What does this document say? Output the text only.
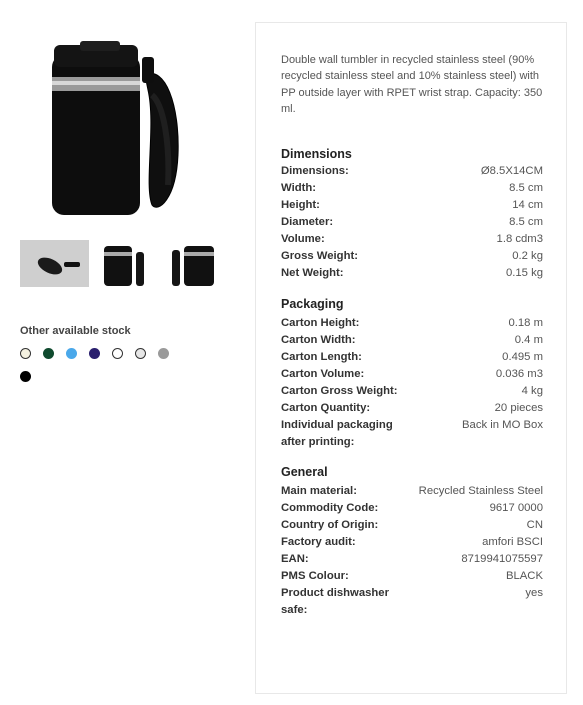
Other available stock
Double wall tumbler in recycled stainless steel (90% recycled stainless steel and 10% stainless steel) with PP outside layer with RPET wrist strap. Capacity: 350 ml.
Dimensions
Dimensions:	Ø8.5X14CM
Width:	8.5 cm
Height:	14 cm
Diameter:	8.5 cm
Volume:	1.8 cdm3
Gross Weight:	0.2 kg
Net Weight:	0.15 kg
Packaging
Carton Height:	0.18 m
Carton Width:	0.4 m
Carton Length:	0.495 m
Carton Volume:	0.036 m3
Carton Gross Weight:	4 kg
Carton Quantity:	20 pieces
Individual packaging after printing:
Back in MO Box
General
Main material:	Recycled Stainless Steel
Commodity Code:	9617 0000
Country of Origin:	CN
Factory audit:	amfori BSCI
EAN:	8719941075597
PMS Colour:	BLACK
Product dishwasher safe:
yes
